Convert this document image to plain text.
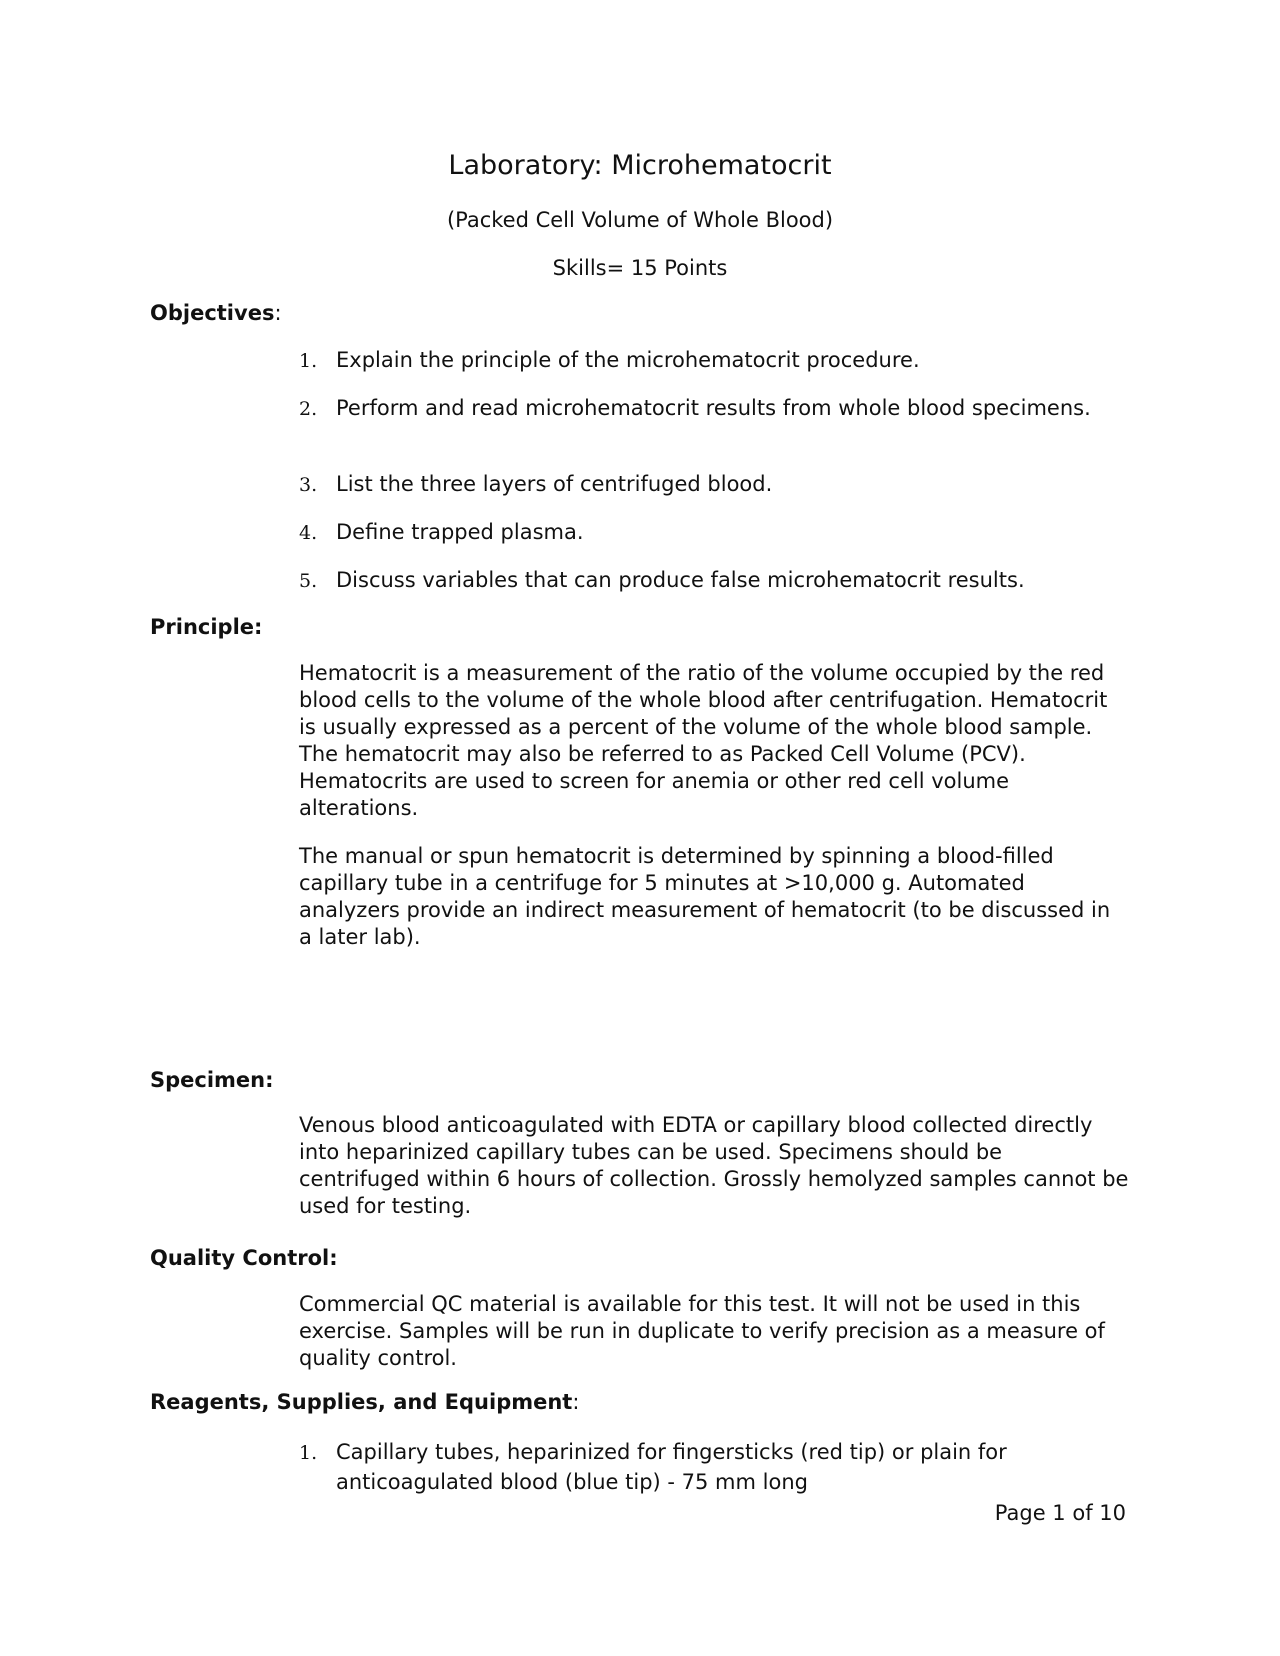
Laboratory: Microhematocrit
(Packed Cell Volume of Whole Blood)
Skills= 15 Points
Objectives:
1. Explain the principle of the microhematocrit procedure.
2. Perform and read microhematocrit results from whole blood specimens.
3. List the three layers of centrifuged blood.
4. Define trapped plasma.
5. Discuss variables that can produce false microhematocrit results.
Principle:
Hematocrit is a measurement of the ratio of the volume occupied by the red blood cells to the volume of the whole blood after centrifugation. Hematocrit is usually expressed as a percent of the volume of the whole blood sample. The hematocrit may also be referred to as Packed Cell Volume (PCV). Hematocrits are used to screen for anemia or other red cell volume alterations.
The manual or spun hematocrit is determined by spinning a blood-filled capillary tube in a centrifuge for 5 minutes at >10,000 g. Automated analyzers provide an indirect measurement of hematocrit (to be discussed in a later lab).
Specimen:
Venous blood anticoagulated with EDTA or capillary blood collected directly into heparinized capillary tubes can be used. Specimens should be centrifuged within 6 hours of collection. Grossly hemolyzed samples cannot be used for testing.
Quality Control:
Commercial QC material is available for this test. It will not be used in this exercise. Samples will be run in duplicate to verify precision as a measure of quality control.
Reagents, Supplies, and Equipment:
1. Capillary tubes, heparinized for fingersticks (red tip) or plain for anticoagulated blood (blue tip) - 75 mm long
Page 1 of 10
